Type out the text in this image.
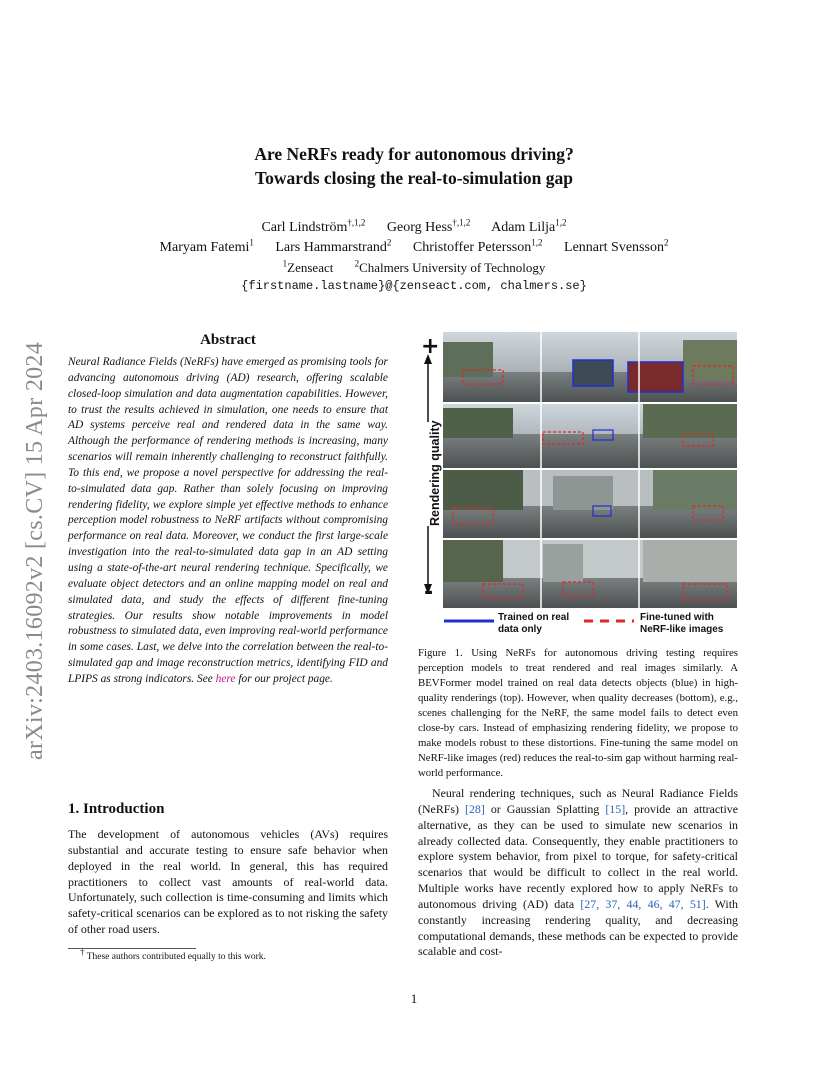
arXiv:2403.16092v2 [cs.CV] 15 Apr 2024
Are NeRFs ready for autonomous driving?
Towards closing the real-to-simulation gap
Carl Lindström$^{\dagger,1,2}$ Georg Hess$^{\dagger,1,2}$ Adam Lilja$^{1,2}$
Maryam Fatemi$^1$ Lars Hammarstrand$^2$ Christoffer Petersson$^{1,2}$ Lennart Svensson$^2$
$^1$Zenseact $^2$Chalmers University of Technology
{firstname.lastname}@{zenseact.com, chalmers.se}
Abstract
Neural Radiance Fields (NeRFs) have emerged as promising tools for advancing autonomous driving (AD) research, offering scalable closed-loop simulation and data augmentation capabilities. However, to trust the results achieved in simulation, one needs to ensure that AD systems perceive real and rendered data in the same way. Although the performance of rendering methods is increasing, many scenarios will remain inherently challenging to reconstruct faithfully. To this end, we propose a novel perspective for addressing the real-to-simulated data gap. Rather than solely focusing on improving rendering fidelity, we explore simple yet effective methods to enhance perception model robustness to NeRF artifacts without compromising performance on real data. Moreover, we conduct the first large-scale investigation into the real-to-simulated data gap in an AD setting using a state-of-the-art neural rendering technique. Specifically, we evaluate object detectors and an online mapping model on real and simulated data, and study the effects of different fine-tuning strategies. Our results show notable improvements in model robustness to simulated data, even improving real-world performance in some cases. Last, we delve into the correlation between the real-to-simulated gap and image reconstruction metrics, identifying FID and LPIPS as strong indicators. See here for our project page.
1. Introduction
The development of autonomous vehicles (AVs) requires substantial and accurate testing to ensure safe behavior when deployed in the real world. In general, this has required practitioners to collect vast amounts of real-world data. Unfortunately, such collection is time-consuming and limits which safety-critical scenarios can be explored as to not risking the safety of other road users.
† These authors contributed equally to this work.
+
-
Rendering quality
Trained on real
data only
Fine-tuned with
NeRF-like images
Figure 1. Using NeRFs for autonomous driving testing requires perception models to treat rendered and real images similarly. A BEVFormer model trained on real data detects objects (blue) in high-quality renderings (top). However, when quality decreases (bottom), e.g., scenes challenging for the NeRF, the same model fails to detect even close-by cars. Instead of emphasizing rendering fidelity, we propose to make models robust to these distortions. Fine-tuning the same model on NeRF-like images (red) reduces the real-to-sim gap without harming real-world performance.
Neural rendering techniques, such as Neural Radiance Fields (NeRFs) [28] or Gaussian Splatting [15], provide an attractive alternative, as they can be used to simulate new scenarios in already collected data. Consequently, they enable practitioners to explore system behavior, from pixel to torque, for safety-critical scenarios that would be difficult to collect in the real world. Multiple works have recently explored how to apply NeRFs to autonomous driving (AD) data [27, 37, 44, 46, 47, 51]. With constantly increasing rendering quality, and decreasing computational demands, these methods can be expected to provide scalable and cost-
1
